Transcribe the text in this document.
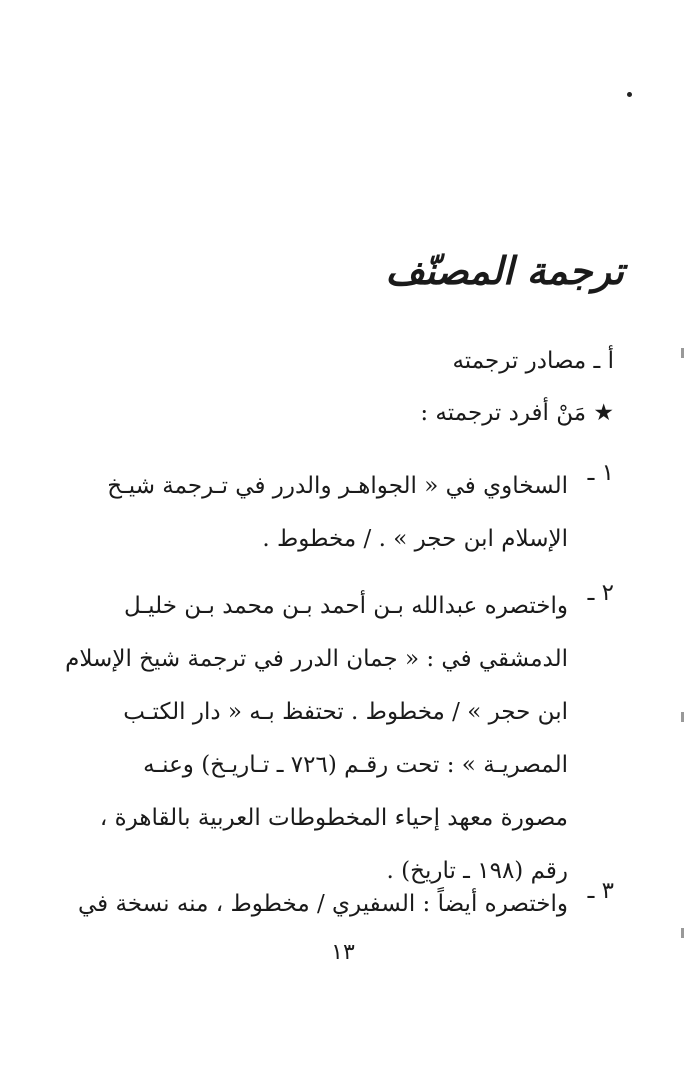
ترجمة المصنّف
أ ـ مصادر ترجمته
★ مَنْ أفرد ترجمته :
١ ـ
السخاوي في « الجواهـر والدرر في تـرجمة شيـخ
الإسلام ابن حجر » . / مخطوط .
٢ ـ
واختصره عبدالله بـن أحمد بـن محمد بـن خليـل
الدمشقي في : « جمان الدرر في ترجمة شيخ الإسلام
ابن حجر » / مخطوط . تحتفظ بـه « دار الكتـب
المصريـة » : تحت رقـم (٧٢٦ ـ تـاريـخ) وعنـه
مصورة معهد إحياء المخطوطات العربية بالقاهرة ،
رقم (١٩٨ ـ تاريخ) .
٣ ـ
واختصره أيضاً : السفيري / مخطوط ، منه نسخة في
١٣
